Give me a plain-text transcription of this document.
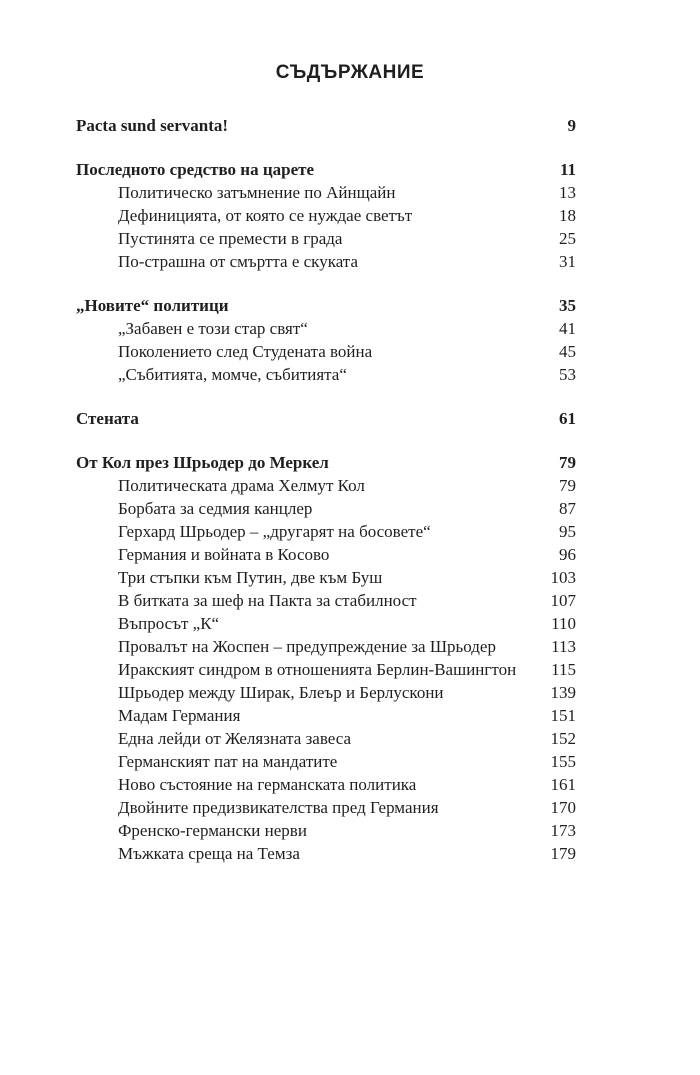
СЪДЪРЖАНИЕ
Pacta sund servanta!	9
Последното средство на царете	11
Политическо затъмнение по Айнщайн	13
Дефиницията, от която се нуждае светът	18
Пустинята се премести в града	25
По-страшна от смъртта е скуката	31
„Новите“ политици	35
„Забавен е този стар свят“	41
Поколението след Студената война	45
„Събитията, момче, събитията“	53
Стената	61
От Кол през Шрьодер до Меркел	79
Политическата драма Хелмут Кол	79
Борбата за седмия канцлер	87
Герхард Шрьодер – „другарят на босовете“	95
Германия и войната в Косово	96
Три стъпки към Путин, две към Буш	103
В битката за шеф на Пакта за стабилност	107
Въпросът „К“	110
Провалът на Жоспен – предупреждение за Шрьодер	113
Иракският синдром в отношенията Берлин-Вашингтон	115
Шрьодер между Ширак, Блеър и Берлускони	139
Мадам Германия	151
Една лейди от Желязната завеса	152
Германският пат на мандатите	155
Ново състояние на германската политика	161
Двойните предизвикателства пред Германия	170
Френско-германски нерви	173
Мъжката среща на Темза	179
